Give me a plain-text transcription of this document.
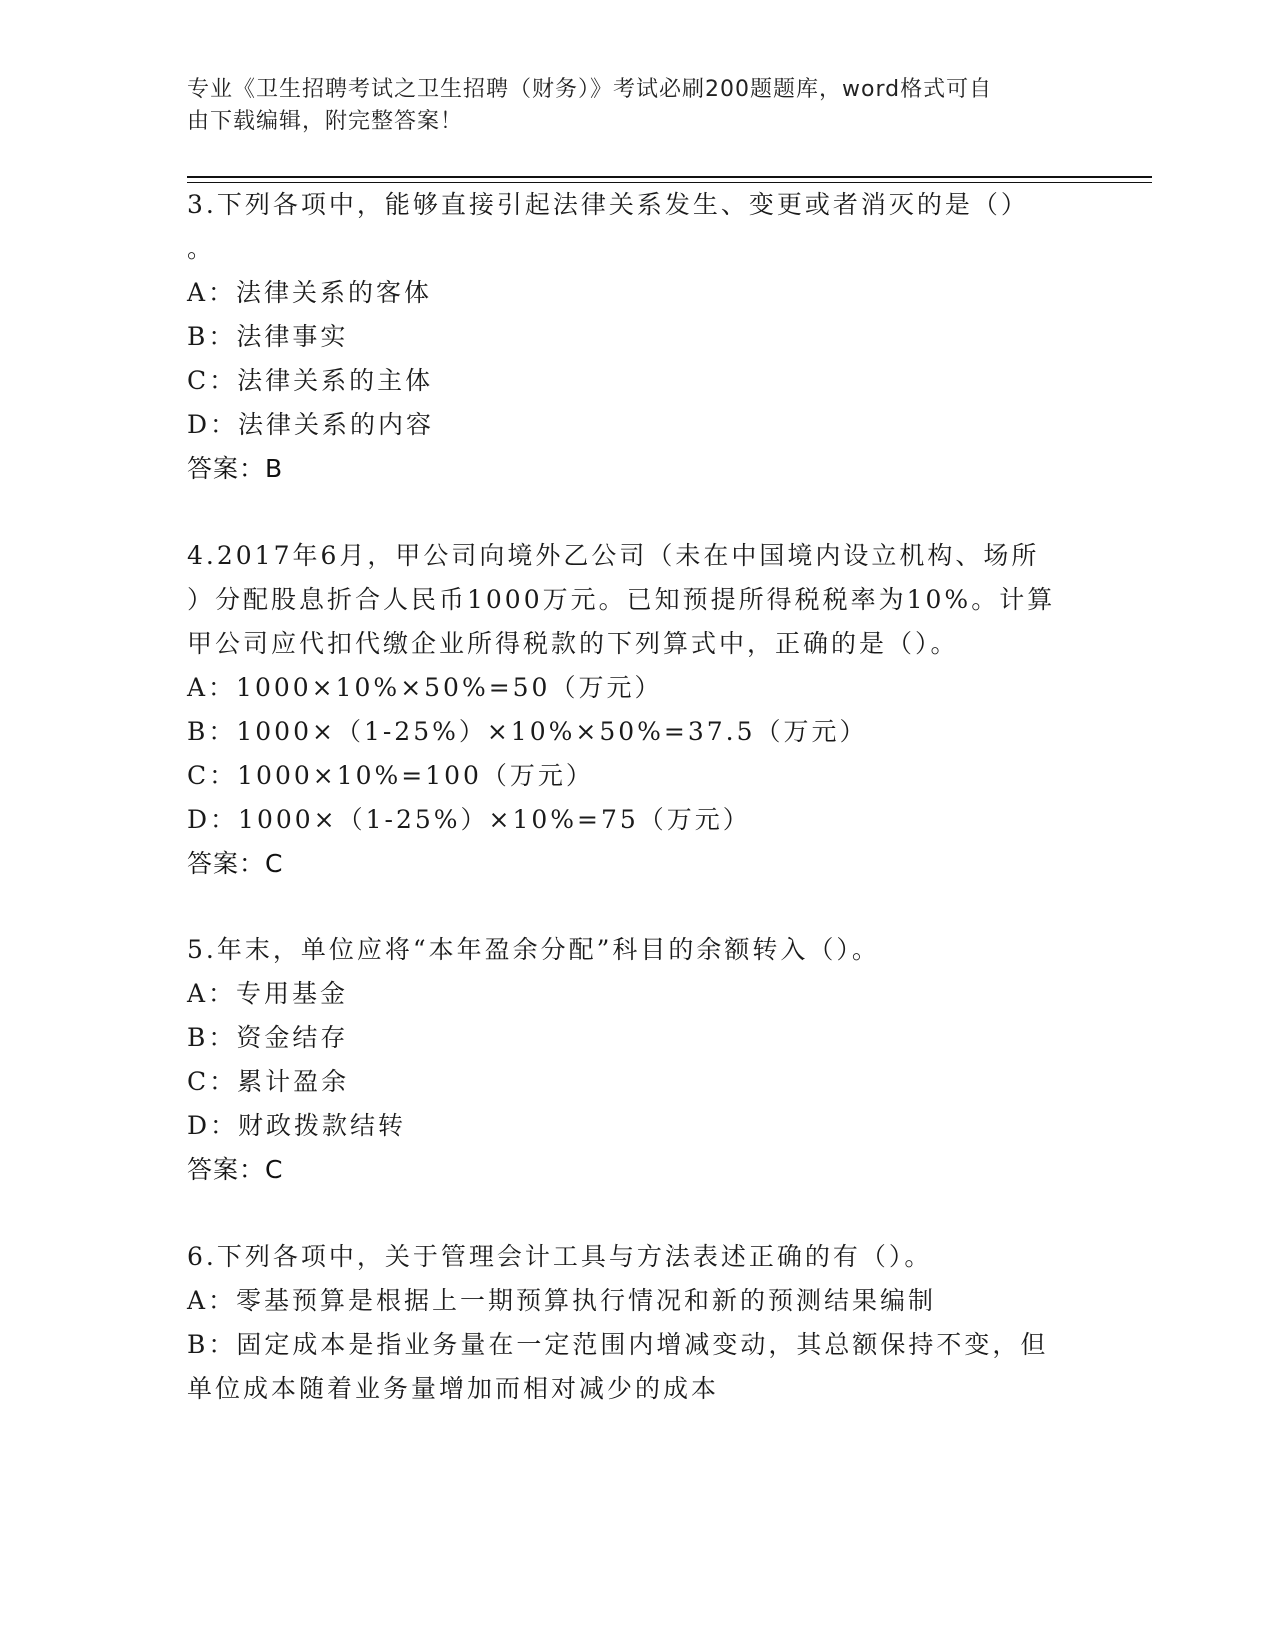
专业《卫生招聘考试之卫生招聘（财务）》考试必刷200题题库，word格式可自
由下载编辑，附完整答案！
3.下列各项中，能够直接引起法律关系发生、变更或者消灭的是（）
。
A：法律关系的客体
B：法律事实
C：法律关系的主体
D：法律关系的内容
答案：B
4.2017年6月，甲公司向境外乙公司（未在中国境内设立机构、场所
）分配股息折合人民币1000万元。已知预提所得税税率为10%。计算
甲公司应代扣代缴企业所得税款的下列算式中，正确的是（）。
A：1000×10%×50%=50（万元）
B：1000×（1-25%）×10%×50%=37.5（万元）
C：1000×10%=100（万元）
D：1000×（1-25%）×10%=75（万元）
答案：C
5.年末，单位应将“本年盈余分配”科目的余额转入（）。
A：专用基金
B：资金结存
C：累计盈余
D：财政拨款结转
答案：C
6.下列各项中，关于管理会计工具与方法表述正确的有（）。
A：零基预算是根据上一期预算执行情况和新的预测结果编制
B：固定成本是指业务量在一定范围内增减变动，其总额保持不变，但
单位成本随着业务量增加而相对减少的成本
